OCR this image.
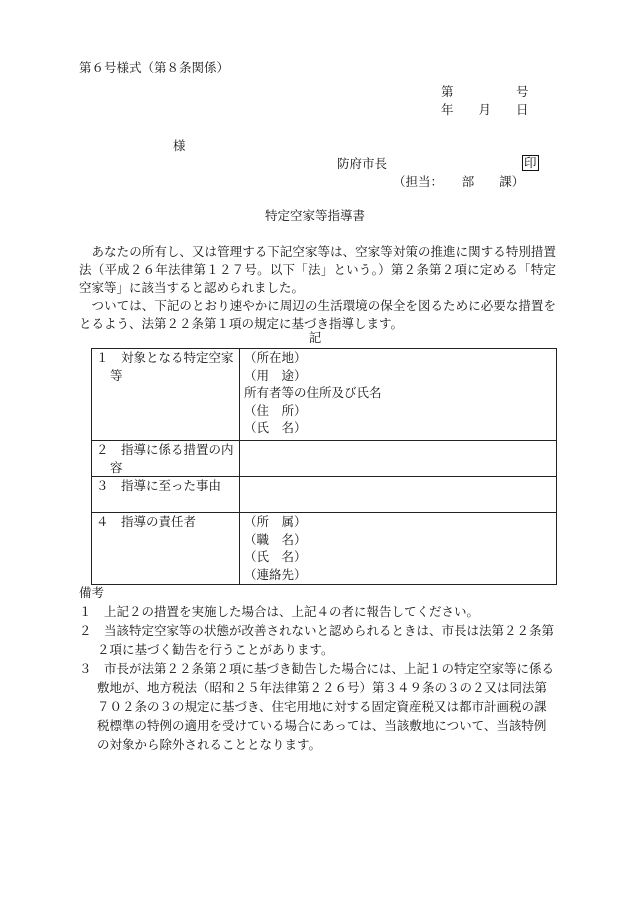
第６号様式（第８条関係）
第　　　　　号
年　　月　　日
様
防府市長	印
（担当：　　部　　課）
特定空家等指導書
　あなたの所有し、又は管理する下記空家等は、空家等対策の推進に関する特別措置法（平成２６年法律第１２７号。以下「法」という。）第２条第２項に定める「特定空家等」に該当すると認められました。
　ついては、下記のとおり速やかに周辺の生活環境の保全を図るために必要な措置をとるよう、法第２２条第１項の規定に基づき指導します。
記
１　対象となる特定空家等	（所在地）
（用　途）
所有者等の住所及び氏名
（住　所）
（氏　名）

２　指導に係る措置の内容	

３　指導に至った事由	

４　指導の責任者	（所　属）
（職　名）
（氏　名）
（連絡先）
備考
１　上記２の措置を実施した場合は、上記４の者に報告してください。
２　当該特定空家等の状態が改善されないと認められるときは、市長は法第２２条第２項に基づく勧告を行うことがあります。
３　市長が法第２２条第２項に基づき勧告した場合には、上記１の特定空家等に係る敷地が、地方税法（昭和２５年法律第２２６号）第３４９条の３の２又は同法第７０２条の３の規定に基づき、住宅用地に対する固定資産税又は都市計画税の課税標準の特例の適用を受けている場合にあっては、当該敷地について、当該特例の対象から除外されることとなります。
